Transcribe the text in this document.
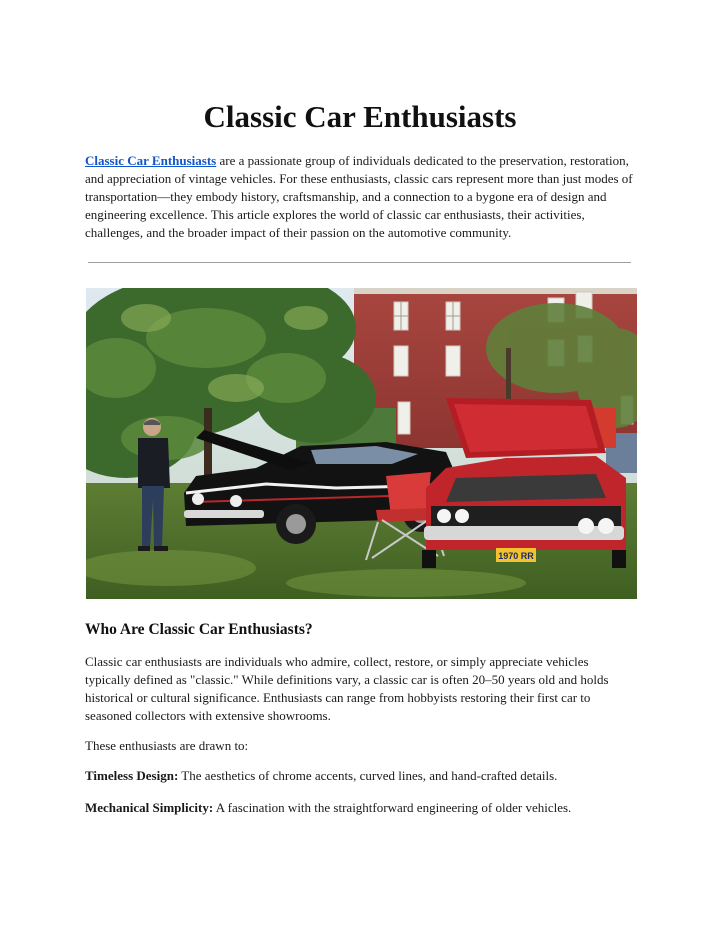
Classic Car Enthusiasts

Classic Car Enthusiasts are a passionate group of individuals dedicated to the preservation, restoration, and appreciation of vintage vehicles. For these enthusiasts, classic cars represent more than just modes of transportation—they embody history, craftsmanship, and a connection to a bygone era of design and engineering excellence. This article explores the world of classic car enthusiasts, their activities, challenges, and the broader impact of their passion on the automotive community.

1970 RR
Who Are Classic Car Enthusiasts?

Classic car enthusiasts are individuals who admire, collect, restore, or simply appreciate vehicles typically defined as "classic." While definitions vary, a classic car is often 20–50 years old and holds historical or cultural significance. Enthusiasts can range from hobbyists restoring their first car to seasoned collectors with extensive showrooms.

These enthusiasts are drawn to:

Timeless Design: The aesthetics of chrome accents, curved lines, and hand-crafted details.

Mechanical Simplicity: A fascination with the straightforward engineering of older vehicles.
